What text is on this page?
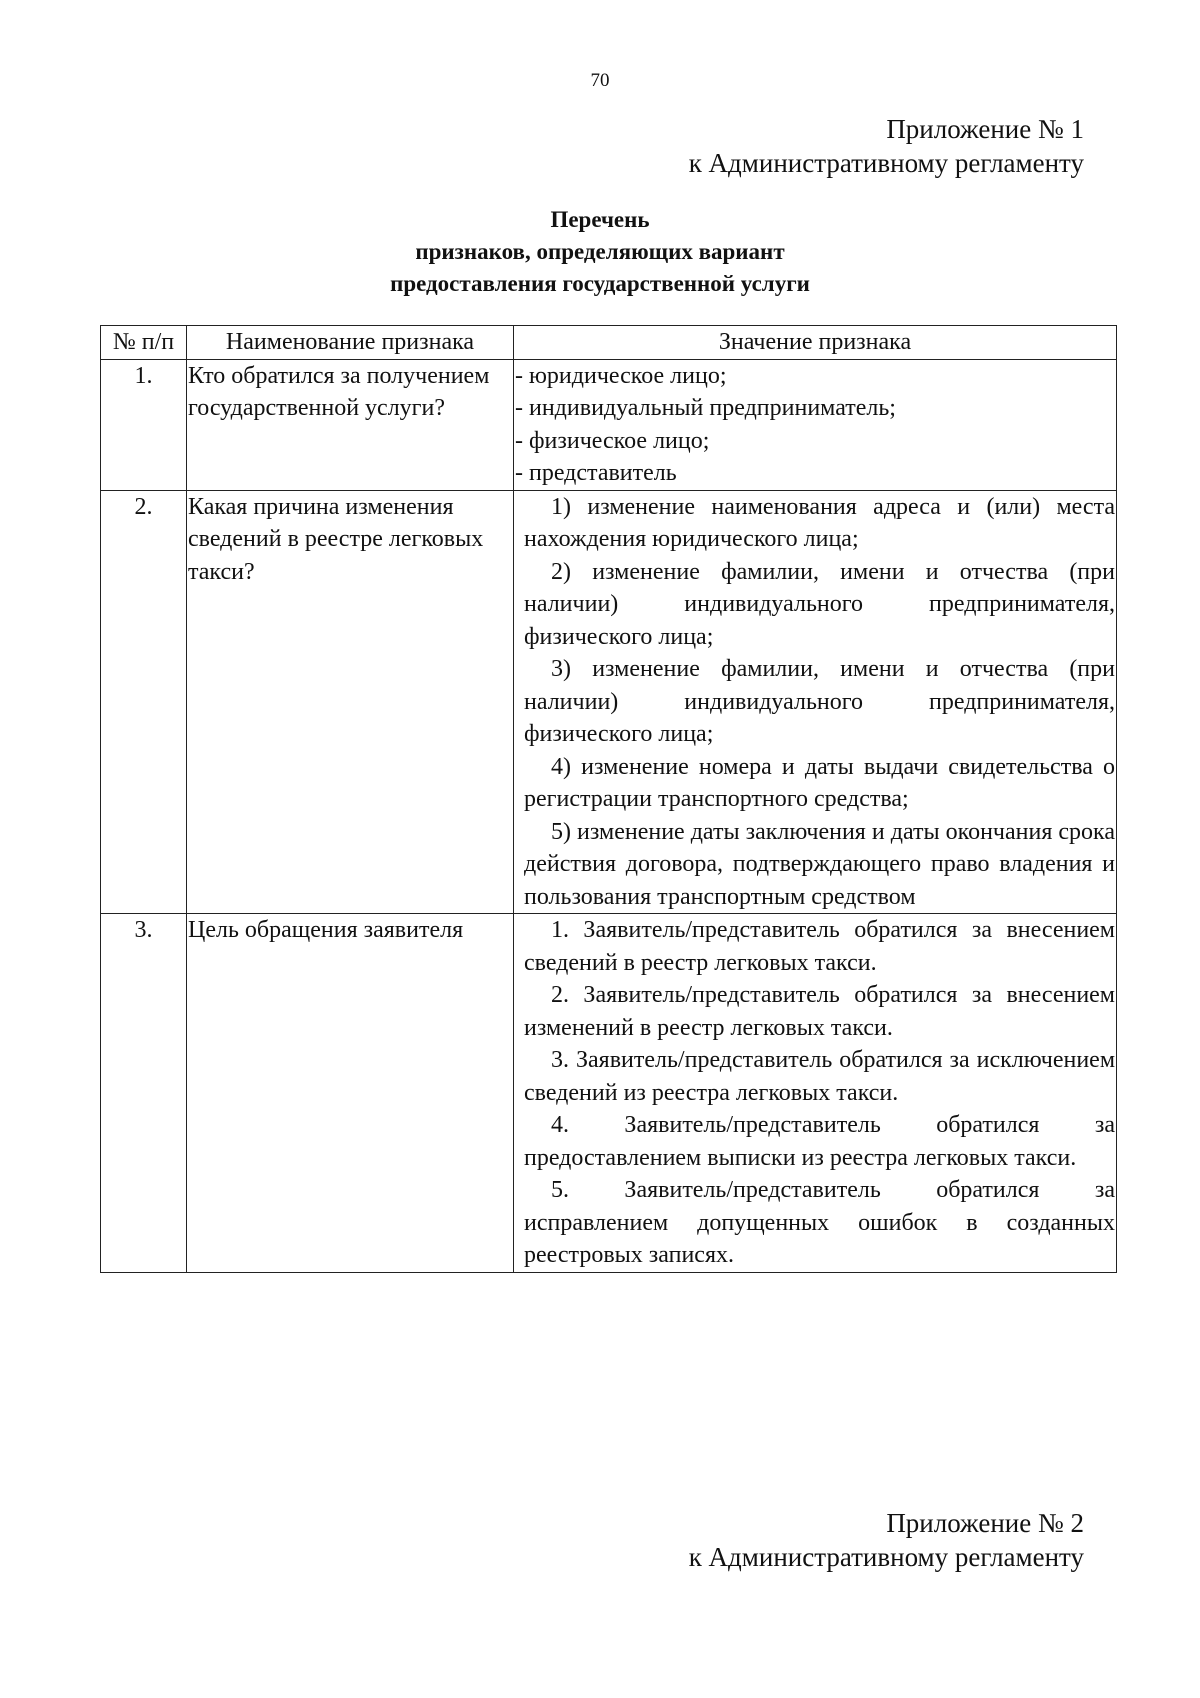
70
Приложение № 1
к Административному регламенту
Перечень
признаков, определяющих вариант
предоставления государственной услуги
№ п/п	Наименование признака	Значение признака
1.	Кто обратился за получением государственной услуги?	- юридическое лицо;
- индивидуальный предприниматель;
- физическое лицо;
- представитель

2.	Какая причина изменения сведений в реестре легковых такси?	1) изменение наименования адреса и (или) места нахождения юридического лица;
2) изменение фамилии, имени и отчества (при наличии) индивидуального предпринимателя, физического лица;
3) изменение фамилии, имени и отчества (при наличии) индивидуального предпринимателя, физического лица;
4) изменение номера и даты выдачи свидетельства о регистрации транспортного средства;
5) изменение даты заключения и даты окончания срока действия договора, подтверждающего право владения и пользования транспортным средством

3.	Цель обращения заявителя	1. Заявитель/представитель обратился за внесением сведений в реестр легковых такси.
2. Заявитель/представитель обратился за внесением изменений в реестр легковых такси.
3. Заявитель/представитель обратился за исключением сведений из реестра легковых такси.
4. Заявитель/представитель обратился за предоставлением выписки из реестра легковых такси.
5. Заявитель/представитель обратился за исправлением допущенных ошибок в созданных реестровых записях.
Приложение № 2
к Административному регламенту
